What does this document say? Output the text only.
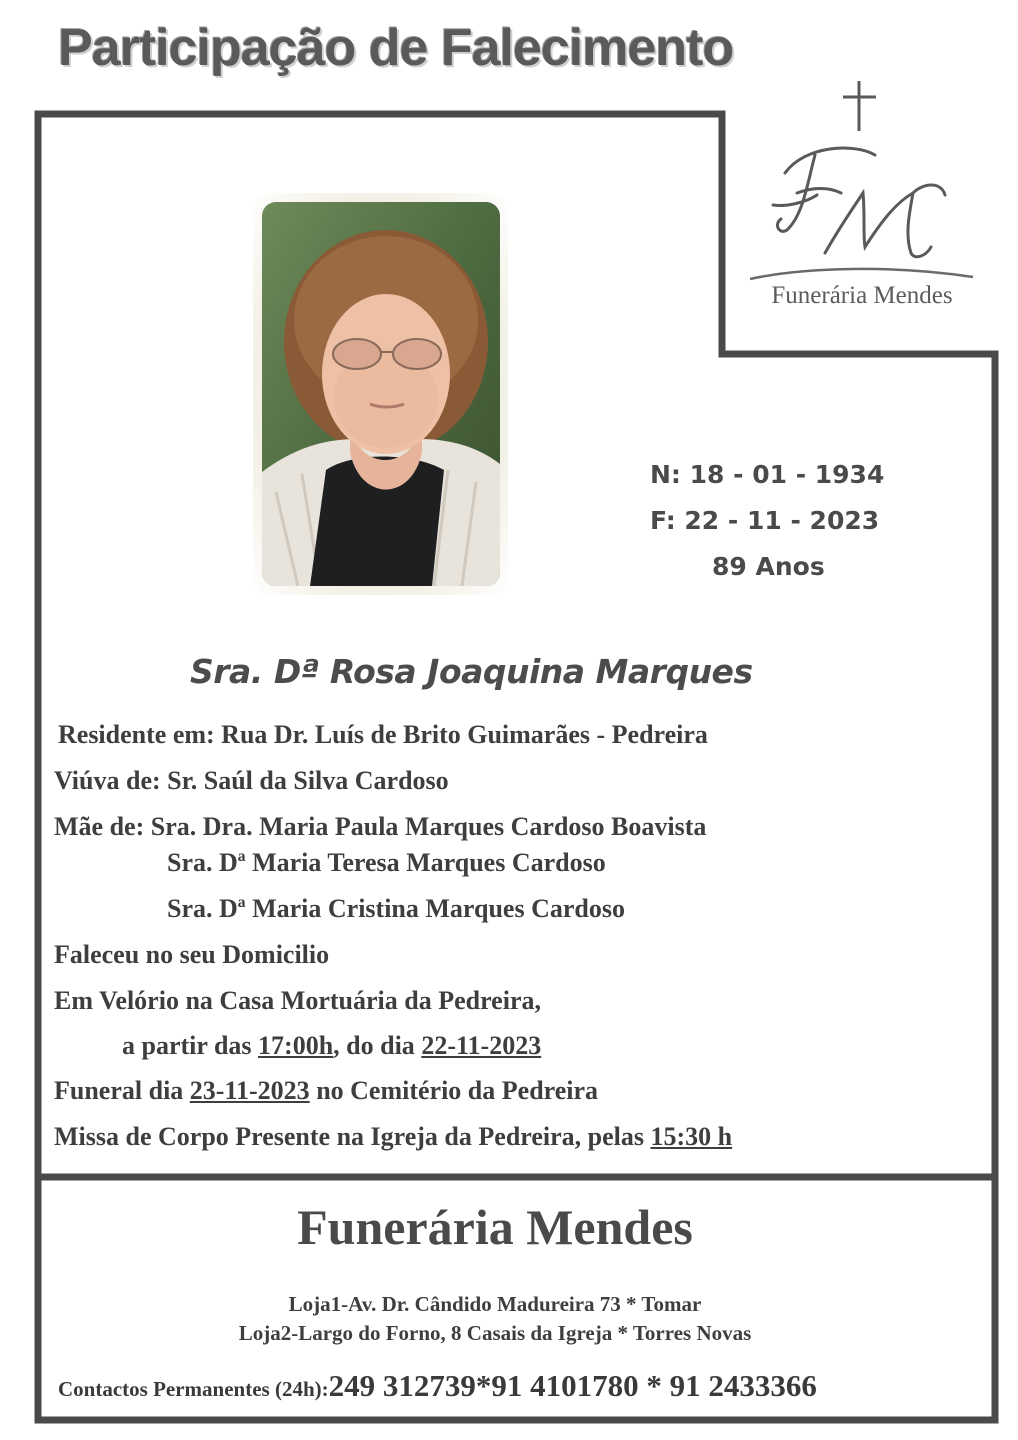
Participação de Falecimento
Funerária Mendes
N: 18 - 01 - 1934
F: 22 - 11 - 2023
89 Anos
Sra. Dª Rosa Joaquina Marques
Residente em: Rua Dr. Luís de Brito Guimarães - Pedreira
Viúva de: Sr. Saúl da Silva Cardoso
Mãe de: Sra. Dra. Maria Paula Marques Cardoso Boavista
Sra. Dª Maria Teresa Marques Cardoso
Sra. Dª Maria Cristina Marques Cardoso
Faleceu no seu Domicilio
Em Velório na Casa Mortuária da Pedreira,
a partir das 17:00h, do dia 22-11-2023
Funeral dia 23-11-2023 no Cemitério da Pedreira
Missa de Corpo Presente na Igreja da Pedreira, pelas 15:30 h
Funerária Mendes
Loja1-Av. Dr. Cândido Madureira 73 * Tomar
Loja2-Largo do Forno, 8 Casais da Igreja * Torres Novas
Contactos Permanentes (24h):249 312739*91 4101780 * 91 2433366
